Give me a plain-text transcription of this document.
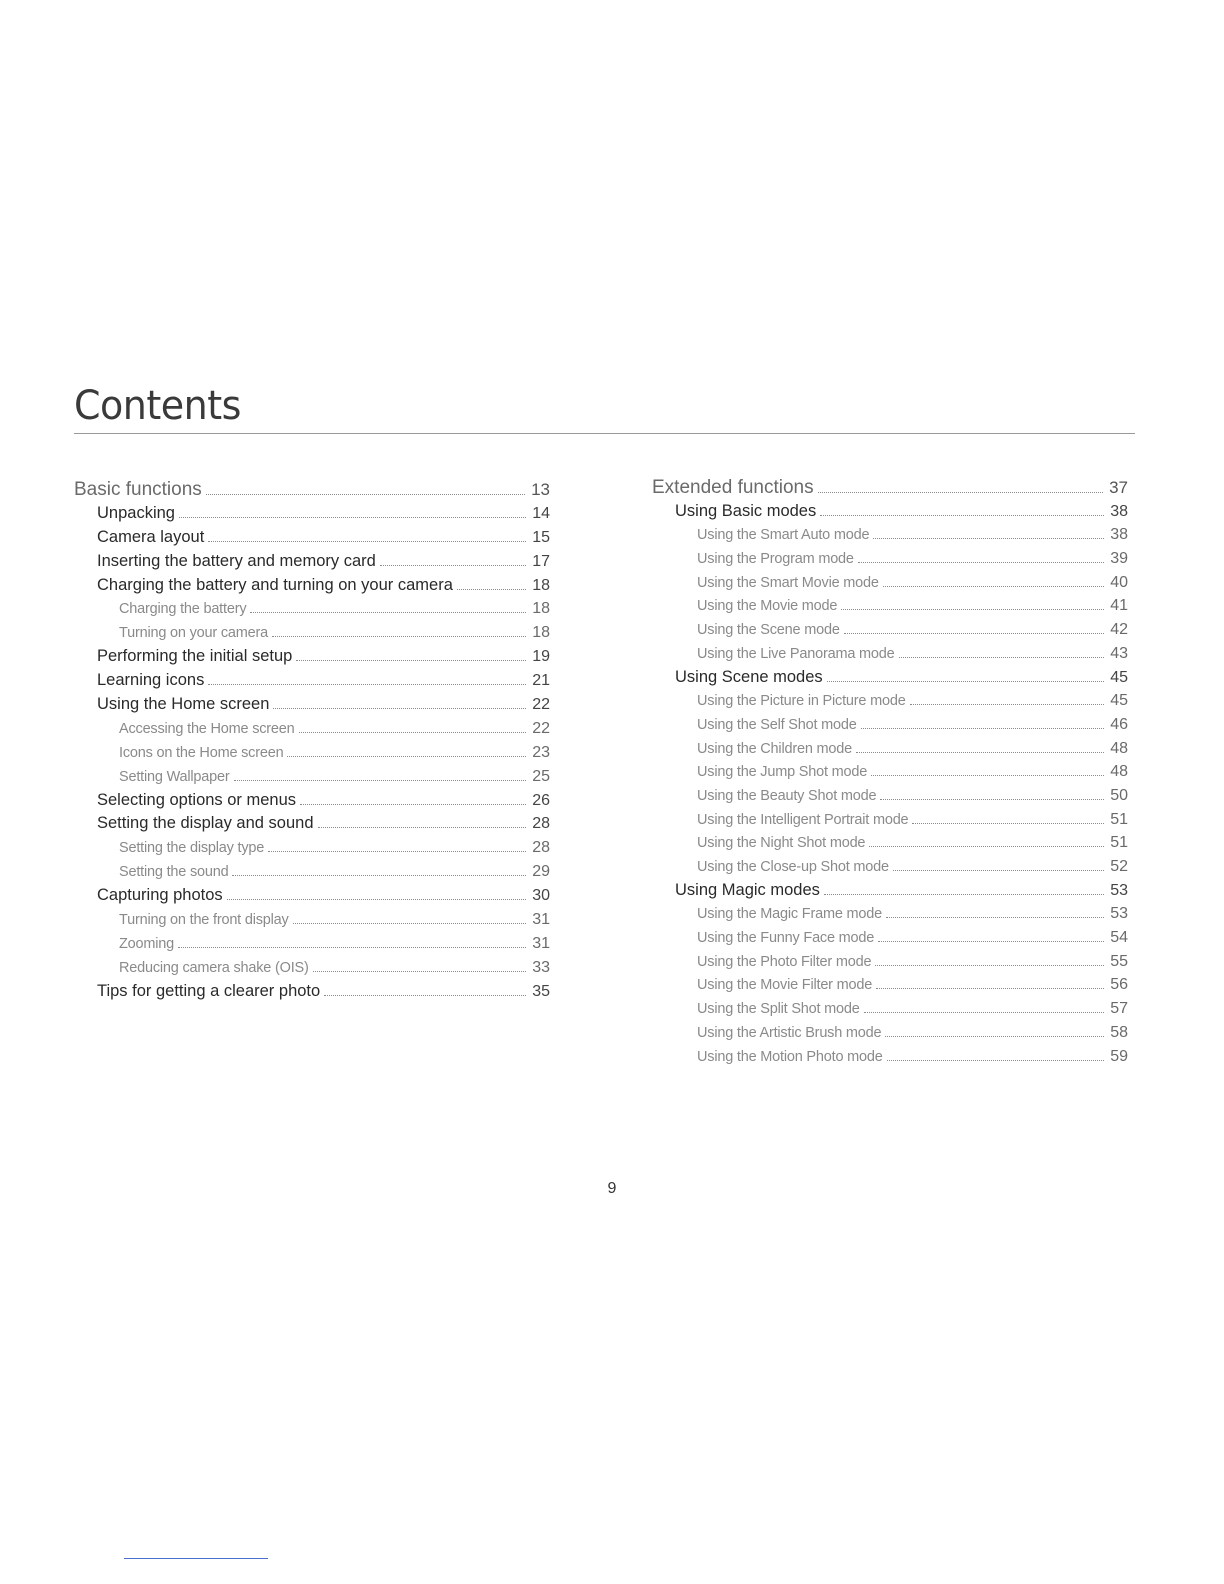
Contents
Basic functions	13
Unpacking	14
Camera layout	15
Inserting the battery and memory card	17
Charging the battery and turning on your camera	18
Charging the battery	18
Turning on your camera	18
Performing the initial setup	19
Learning icons	21
Using the Home screen	22
Accessing the Home screen	22
Icons on the Home screen	23
Setting Wallpaper	25
Selecting options or menus	26
Setting the display and sound	28
Setting the display type	28
Setting the sound	29
Capturing photos	30
Turning on the front display	31
Zooming	31
Reducing camera shake (OIS)	33
Tips for getting a clearer photo	35
Extended functions	37
Using Basic modes	38
Using the Smart Auto mode	38
Using the Program mode	39
Using the Smart Movie mode	40
Using the Movie mode	41
Using the Scene mode	42
Using the Live Panorama mode	43
Using Scene modes	45
Using the Picture in Picture mode	45
Using the Self Shot mode	46
Using the Children mode	48
Using the Jump Shot mode	48
Using the Beauty Shot mode	50
Using the Intelligent Portrait mode	51
Using the Night Shot mode	51
Using the Close-up Shot mode	52
Using Magic modes	53
Using the Magic Frame mode	53
Using the Funny Face mode	54
Using the Photo Filter mode	55
Using the Movie Filter mode	56
Using the Split Shot mode	57
Using the Artistic Brush mode	58
Using the Motion Photo mode	59

9
